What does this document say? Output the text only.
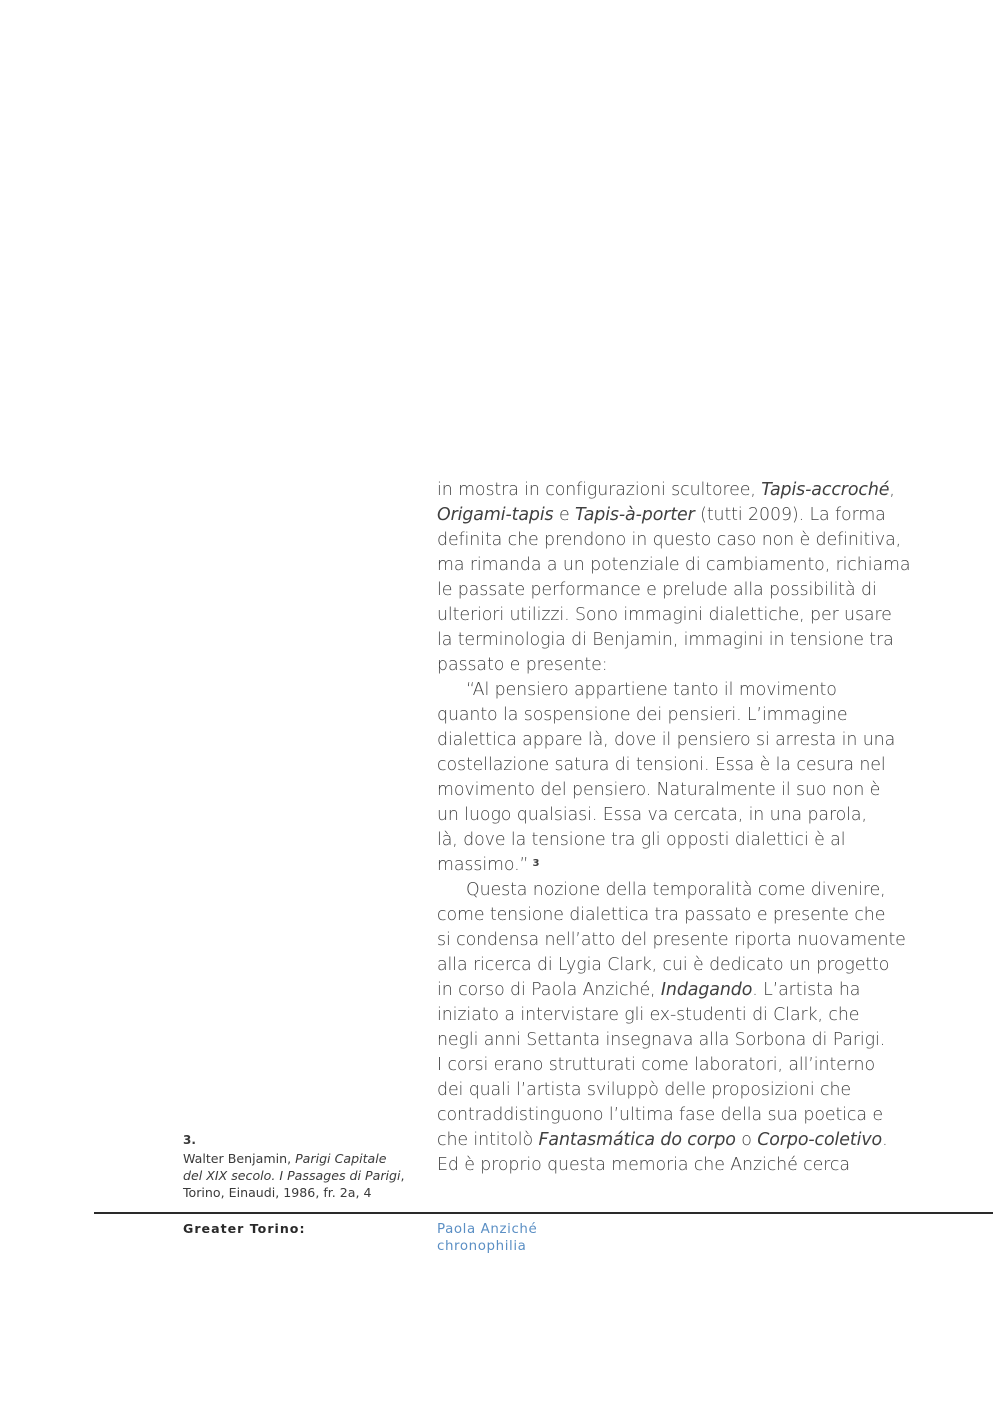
in mostra in configurazioni scultoree, Tapis-accroché,
Origami-tapis e Tapis-à-porter (tutti 2009). La forma
definita che prendono in questo caso non è definitiva,
ma rimanda a un potenziale di cambiamento, richiama
le passate performance e prelude alla possibilità di
ulteriori utilizzi. Sono immagini dialettiche, per usare
la terminologia di Benjamin, immagini in tensione tra
passato e presente:
“Al pensiero appartiene tanto il movimento
quanto la sospensione dei pensieri. L’immagine
dialettica appare là, dove il pensiero si arresta in una
costellazione satura di tensioni. Essa è la cesura nel
movimento del pensiero. Naturalmente il suo non è
un luogo qualsiasi. Essa va cercata, in una parola,
là, dove la tensione tra gli opposti dialettici è al
massimo.” $^3$
Questa nozione della temporalità come divenire,
come tensione dialettica tra passato e presente che
si condensa nell’atto del presente riporta nuovamente
alla ricerca di Lygia Clark, cui è dedicato un progetto
in corso di Paola Anziché, Indagando. L’artista ha
iniziato a intervistare gli ex-studenti di Clark, che
negli anni Settanta insegnava alla Sorbona di Parigi.
I corsi erano strutturati come laboratori, all’interno
dei quali l’artista sviluppò delle proposizioni che
contraddistinguono l’ultima fase della sua poetica e
che intitolò Fantasmática do corpo o Corpo-coletivo.
Ed è proprio questa memoria che Anziché cerca
3.
Walter Benjamin, Parigi Capitale
del XIX secolo. I Passages di Parigi,
Torino, Einaudi, 1986, fr. 2a, 4
Greater Torino:	Paola Anziché
chronophilia
